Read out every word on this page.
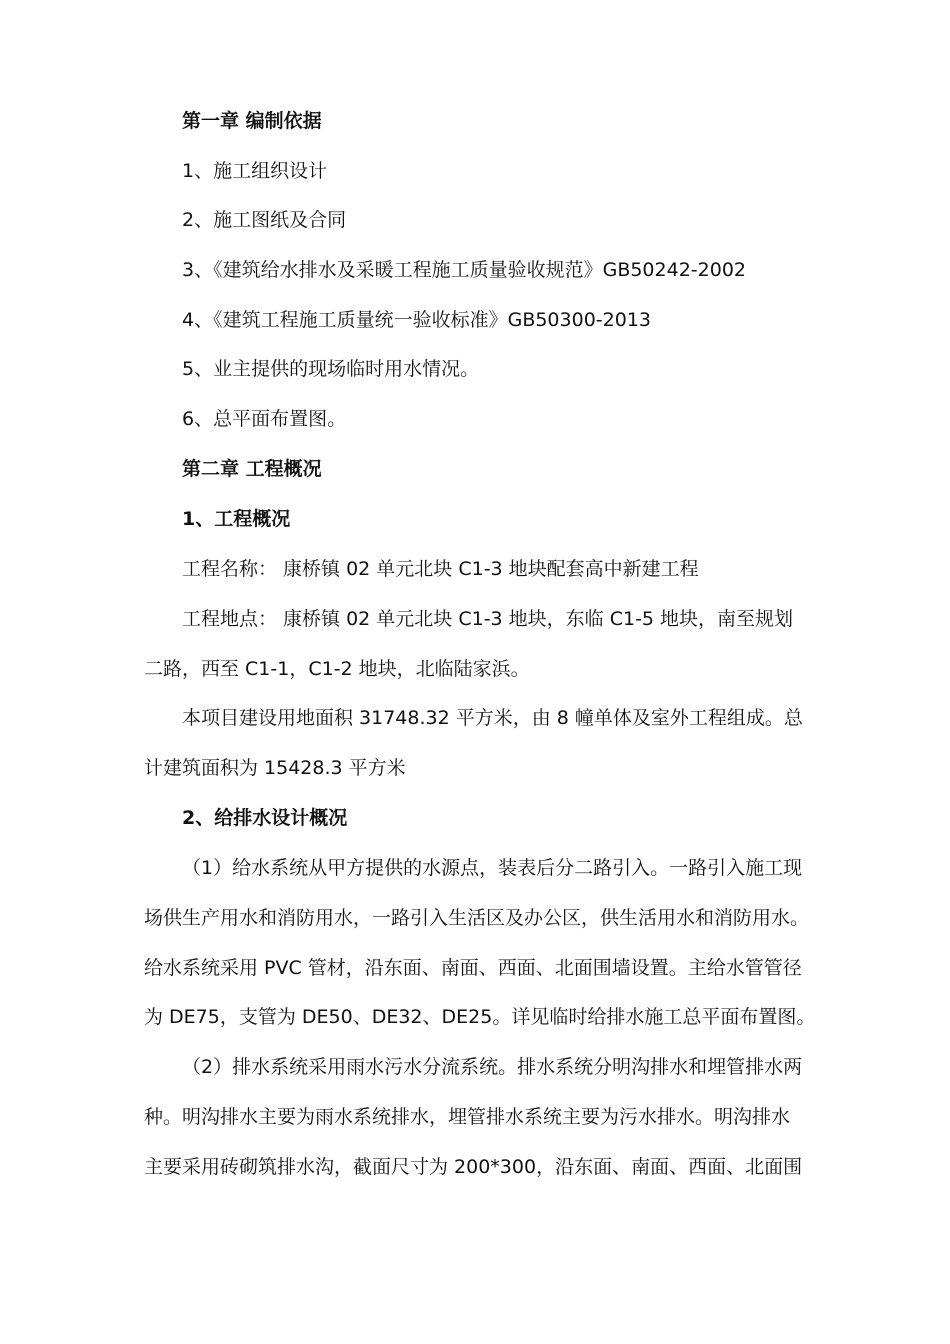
第一章 编制依据
1、施工组织设计
2、施工图纸及合同
3、《建筑给水排水及采暖工程施工质量验收规范》GB50242-2002
4、《建筑工程施工质量统一验收标准》GB50300-2013
5、业主提供的现场临时用水情况。
6、总平面布置图。
第二章 工程概况
1、工程概况
工程名称： 康桥镇 02 单元北块 C1-3 地块配套高中新建工程
工程地点： 康桥镇 02 单元北块 C1-3 地块，东临 C1-5 地块，南至规划
二路，西至 C1-1，C1-2 地块，北临陆家浜。
本项目建设用地面积 31748.32 平方米，由 8 幢单体及室外工程组成。总
计建筑面积为 15428.3 平方米
2、给排水设计概况
（1）给水系统从甲方提供的水源点，装表后分二路引入。一路引入施工现
场供生产用水和消防用水，一路引入生活区及办公区，供生活用水和消防用水。
给水系统采用 PVC 管材，沿东面、南面、西面、北面围墙设置。主给水管管径
为 DE75，支管为 DE50、DE32、DE25。详见临时给排水施工总平面布置图。
（2）排水系统采用雨水污水分流系统。排水系统分明沟排水和埋管排水两
种。明沟排水主要为雨水系统排水，埋管排水系统主要为污水排水。明沟排水
主要采用砖砌筑排水沟，截面尺寸为 200*300，沿东面、南面、西面、北面围
